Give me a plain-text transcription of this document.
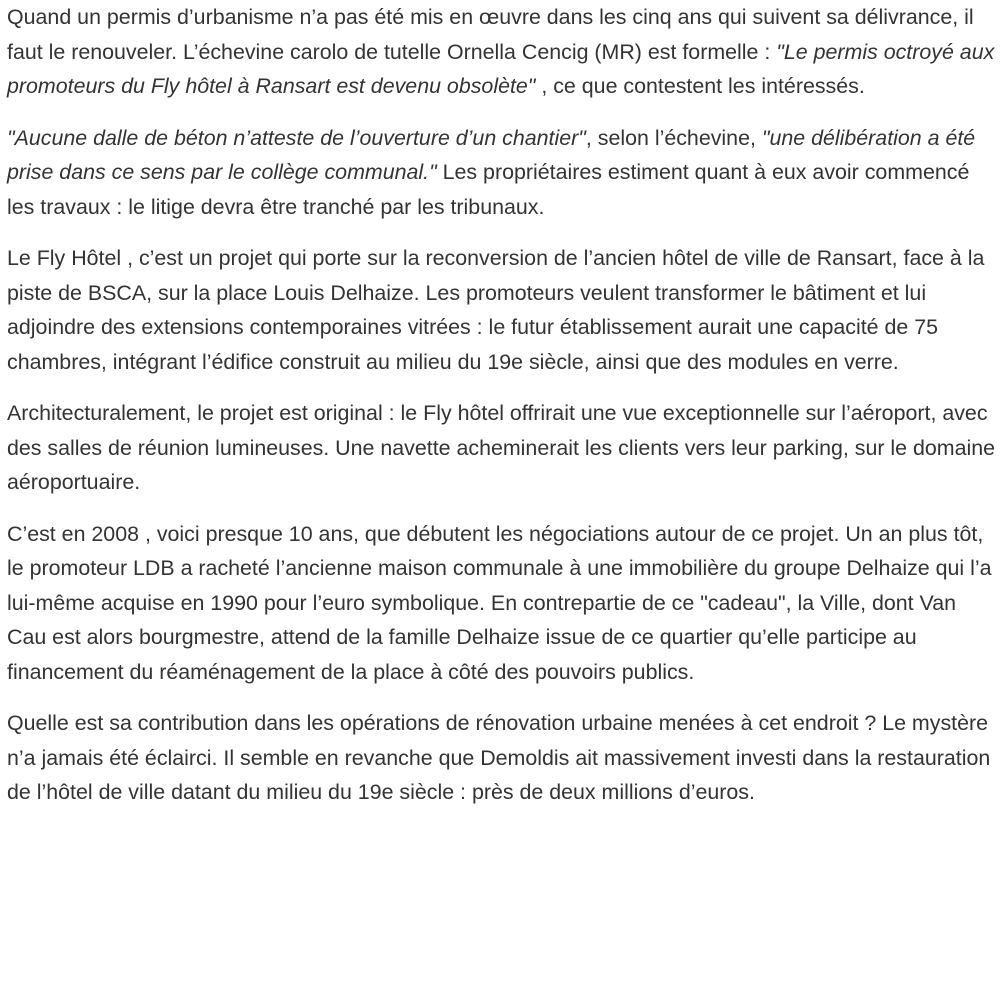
Quand un permis d’urbanisme n’a pas été mis en œuvre dans les cinq ans qui suivent sa délivrance, il faut le renouveler. L’échevine carolo de tutelle Ornella Cencig (MR) est formelle : "Le permis octroyé aux promoteurs du Fly hôtel à Ransart est devenu obsolète" , ce que contestent les intéressés.

"Aucune dalle de béton n’atteste de l’ouverture d’un chantier", selon l’échevine, "une délibération a été prise dans ce sens par le collège communal." Les propriétaires estiment quant à eux avoir commencé les travaux : le litige devra être tranché par les tribunaux.

Le Fly Hôtel , c’est un projet qui porte sur la reconversion de l’ancien hôtel de ville de Ransart, face à la piste de BSCA, sur la place Louis Delhaize. Les promoteurs veulent transformer le bâtiment et lui adjoindre des extensions contemporaines vitrées : le futur établissement aurait une capacité de 75 chambres, intégrant l’édifice construit au milieu du 19e siècle, ainsi que des modules en verre.

Architecturalement, le projet est original : le Fly hôtel offrirait une vue exceptionnelle sur l’aéroport, avec des salles de réunion lumineuses. Une navette acheminerait les clients vers leur parking, sur le domaine aéroportuaire.

C’est en 2008 , voici presque 10 ans, que débutent les négociations autour de ce projet. Un an plus tôt, le promoteur LDB a racheté l’ancienne maison communale à une immobilière du groupe Delhaize qui l’a lui-même acquise en 1990 pour l’euro symbolique. En contrepartie de ce "cadeau", la Ville, dont Van Cau est alors bourgmestre, attend de la famille Delhaize issue de ce quartier qu’elle participe au financement du réaménagement de la place à côté des pouvoirs publics.

Quelle est sa contribution dans les opérations de rénovation urbaine menées à cet endroit ? Le mystère n’a jamais été éclairci. Il semble en revanche que Demoldis ait massivement investi dans la restauration de l’hôtel de ville datant du milieu du 19e siècle : près de deux millions d’euros.
